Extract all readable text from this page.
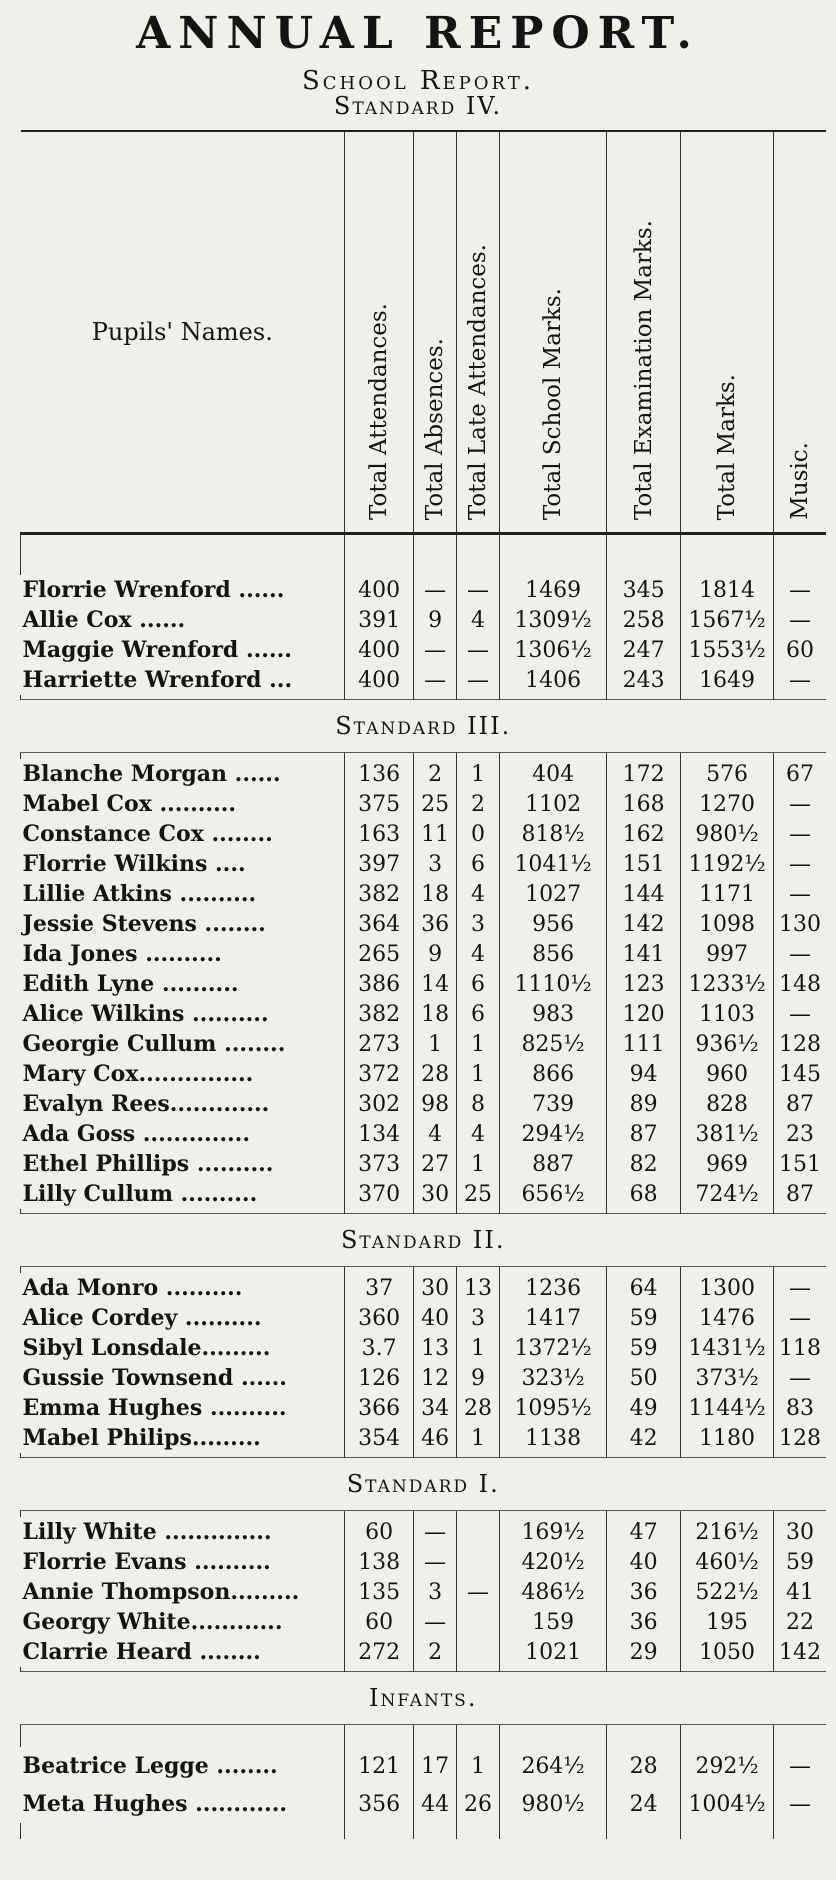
ANNUAL REPORT.
School Report.
Standard IV.
Pupils' Names.	Total Attendances.	Total Absences.	Total Late Attendances.	Total School Marks.	Total Examination Marks.	Total Marks.	Music.

Florrie Wrenford ......	400	—	—	1469	345	1814	—
Allie Cox ......	391	9	4	1309½	258	1567½	—
Maggie Wrenford ......	400	—	—	1306½	247	1553½	60
Harriette Wrenford ...	400	—	—	1406	243	1649	—

Standard III.							

Blanche Morgan ......	136	2	1	404	172	576	67
Mabel Cox ..........	375	25	2	1102	168	1270	—
Constance Cox ........	163	11	0	818½	162	980½	—
Florrie Wilkins ....	397	3	6	1041½	151	1192½	—
Lillie Atkins ..........	382	18	4	1027	144	1171	—
Jessie Stevens ........	364	36	3	956	142	1098	130
Ida Jones ..........	265	9	4	856	141	997	—
Edith Lyne ..........	386	14	6	1110½	123	1233½	148
Alice Wilkins ..........	382	18	6	983	120	1103	—
Georgie Cullum ........	273	1	1	825½	111	936½	128
Mary Cox...............	372	28	1	866	94	960	145
Evalyn Rees.............	302	98	8	739	89	828	87
Ada Goss ..............	134	4	4	294½	87	381½	23
Ethel Phillips ..........	373	27	1	887	82	969	151
Lilly Cullum ..........	370	30	25	656½	68	724½	87

Standard II.							

Ada Monro ..........	37	30	13	1236	64	1300	—
Alice Cordey ..........	360	40	3	1417	59	1476	—
Sibyl Lonsdale.........	3.7	13	1	1372½	59	1431½	118
Gussie Townsend ......	126	12	9	323½	50	373½	—
Emma Hughes ..........	366	34	28	1095½	49	1144½	83
Mabel Philips.........	354	46	1	1138	42	1180	128

Standard I.							

Lilly White ..............	60	—		169½	47	216½	30
Florrie Evans ..........	138	—		420½	40	460½	59
Annie Thompson.........	135	3	—	486½	36	522½	41
Georgy White............	60	—		159	36	195	22
Clarrie Heard ........	272	2		1021	29	1050	142

Infants.							

Beatrice Legge ........	121	17	1	264½	28	292½	—
Meta Hughes ............	356	44	26	980½	24	1004½	—
